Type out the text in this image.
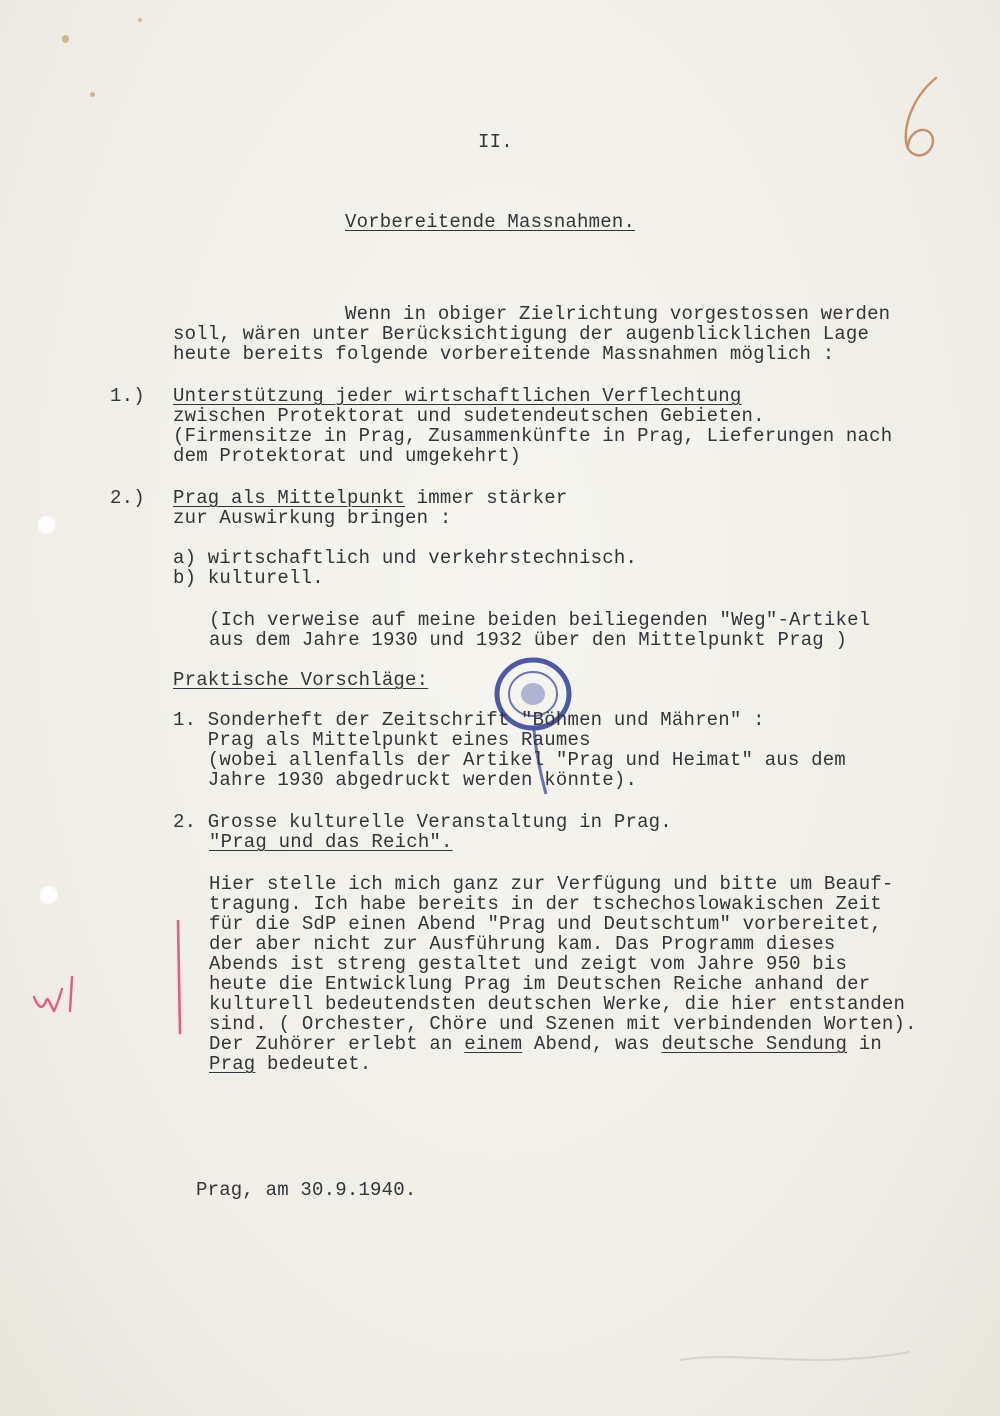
6
w1
II.
Vorbereitende Massnahmen.
Wenn in obiger Zielrichtung vorgestossen werden
soll, wären unter Berücksichtigung der augenblicklichen Lage
heute bereits folgende vorbereitende Massnahmen möglich :
1.) Unterstützung jeder wirtschaftlichen Verflechtung
zwischen Protektorat und sudetendeutschen Gebieten.
(Firmensitze in Prag, Zusammenkünfte in Prag, Lieferungen nach
dem Protektorat und umgekehrt)
2.) Prag als Mittelpunkt immer stärker
zur Auswirkung bringen :
a) wirtschaftlich und verkehrstechnisch.
b) kulturell.
(Ich verweise auf meine beiden beiliegenden "Weg"-Artikel
aus dem Jahre 1930 und 1932 über den Mittelpunkt Prag )
Praktische Vorschläge:
1. Sonderheft der Zeitschrift "Böhmen und Mähren" :
Prag als Mittelpunkt eines Raumes
(wobei allenfalls der Artikel "Prag und Heimat" aus dem
Jahre 1930 abgedruckt werden könnte).
2. Grosse kulturelle Veranstaltung in Prag.
"Prag und das Reich".
Hier stelle ich mich ganz zur Verfügung und bitte um Beauf-
tragung. Ich habe bereits in der tschechoslowakischen Zeit
für die SdP einen Abend "Prag und Deutschtum" vorbereitet,
der aber nicht zur Ausführung kam. Das Programm dieses
Abends ist streng gestaltet und zeigt vom Jahre 950 bis
heute die Entwicklung Prag im Deutschen Reiche anhand der
kulturell bedeutendsten deutschen Werke, die hier entstanden
sind. ( Orchester, Chöre und Szenen mit verbindenden Worten).
Der Zuhörer erlebt an einem Abend, was deutsche Sendung in
Prag bedeutet.
Prag, am 30.9.1940.
